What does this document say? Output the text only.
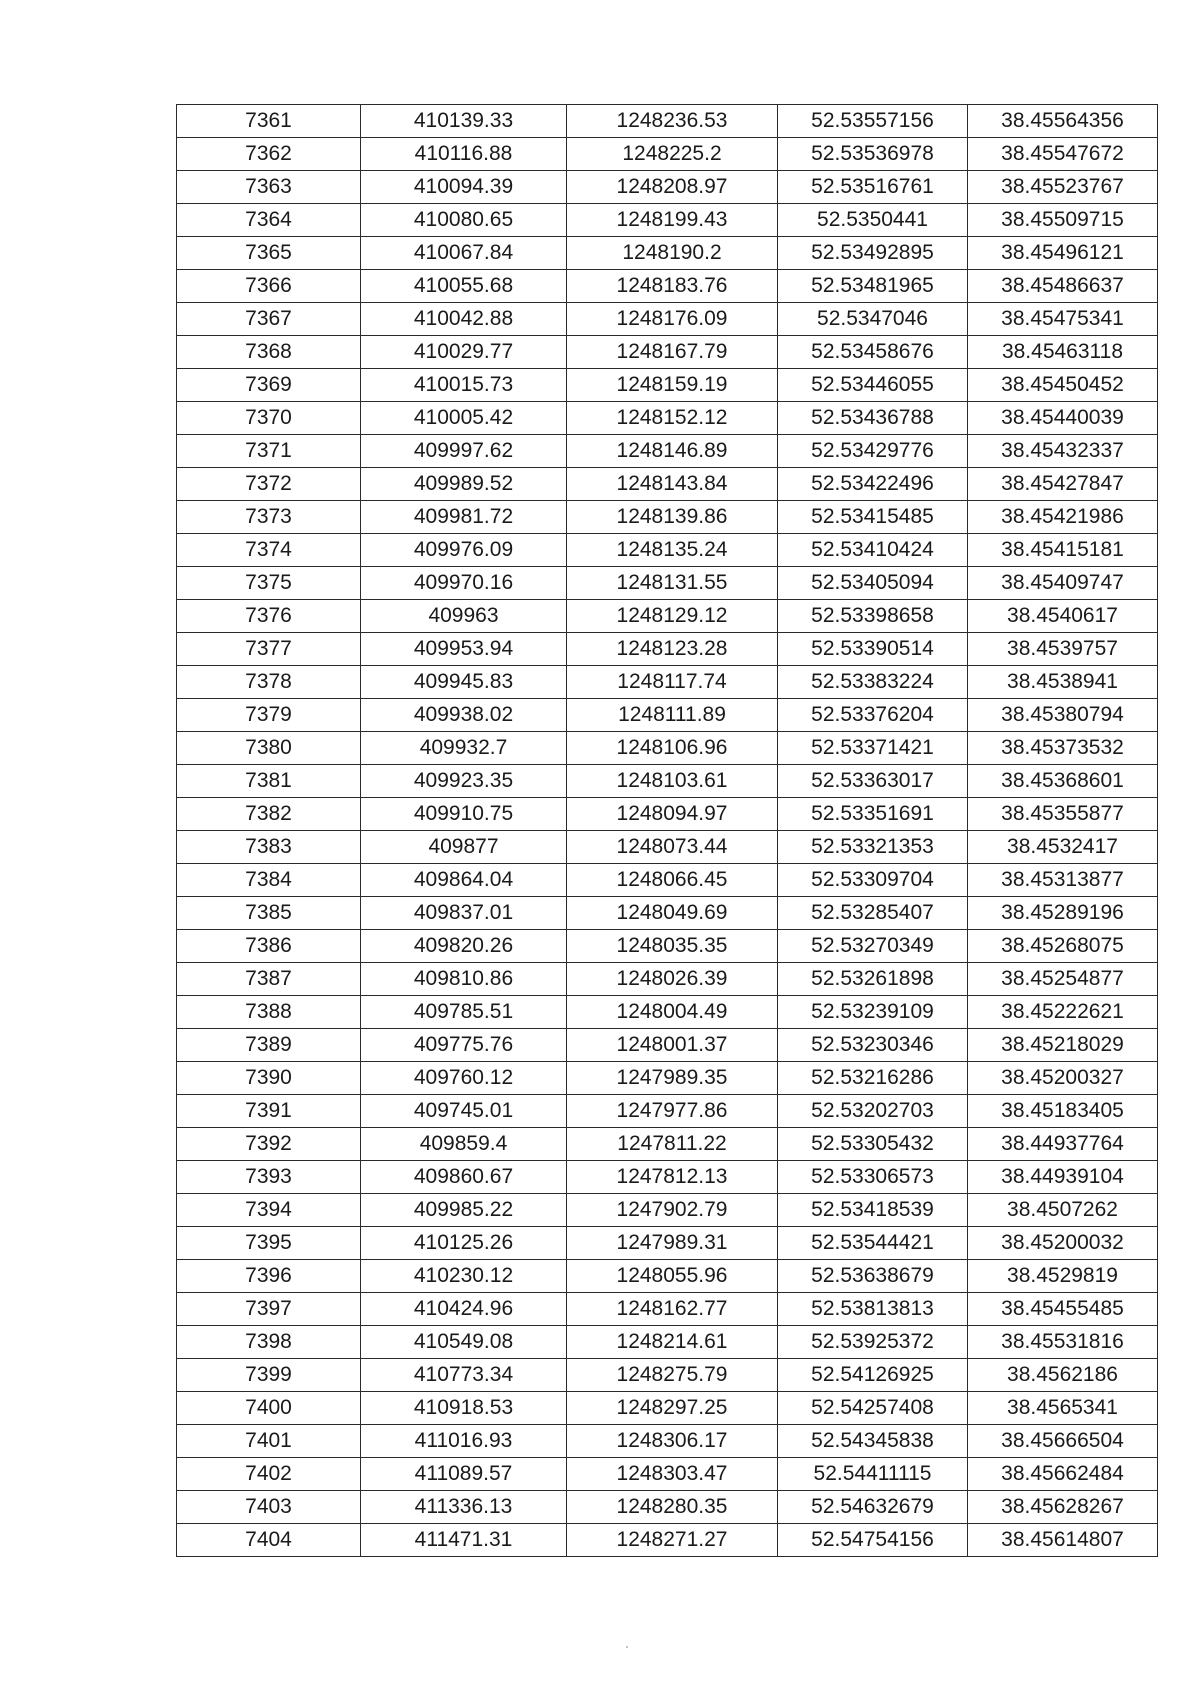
7361	410139.33	1248236.53	52.53557156	38.45564356
7362	410116.88	1248225.2	52.53536978	38.45547672
7363	410094.39	1248208.97	52.53516761	38.45523767
7364	410080.65	1248199.43	52.5350441	38.45509715
7365	410067.84	1248190.2	52.53492895	38.45496121
7366	410055.68	1248183.76	52.53481965	38.45486637
7367	410042.88	1248176.09	52.5347046	38.45475341
7368	410029.77	1248167.79	52.53458676	38.45463118
7369	410015.73	1248159.19	52.53446055	38.45450452
7370	410005.42	1248152.12	52.53436788	38.45440039
7371	409997.62	1248146.89	52.53429776	38.45432337
7372	409989.52	1248143.84	52.53422496	38.45427847
7373	409981.72	1248139.86	52.53415485	38.45421986
7374	409976.09	1248135.24	52.53410424	38.45415181
7375	409970.16	1248131.55	52.53405094	38.45409747
7376	409963	1248129.12	52.53398658	38.4540617
7377	409953.94	1248123.28	52.53390514	38.4539757
7378	409945.83	1248117.74	52.53383224	38.4538941
7379	409938.02	1248111.89	52.53376204	38.45380794
7380	409932.7	1248106.96	52.53371421	38.45373532
7381	409923.35	1248103.61	52.53363017	38.45368601
7382	409910.75	1248094.97	52.53351691	38.45355877
7383	409877	1248073.44	52.53321353	38.4532417
7384	409864.04	1248066.45	52.53309704	38.45313877
7385	409837.01	1248049.69	52.53285407	38.45289196
7386	409820.26	1248035.35	52.53270349	38.45268075
7387	409810.86	1248026.39	52.53261898	38.45254877
7388	409785.51	1248004.49	52.53239109	38.45222621
7389	409775.76	1248001.37	52.53230346	38.45218029
7390	409760.12	1247989.35	52.53216286	38.45200327
7391	409745.01	1247977.86	52.53202703	38.45183405
7392	409859.4	1247811.22	52.53305432	38.44937764
7393	409860.67	1247812.13	52.53306573	38.44939104
7394	409985.22	1247902.79	52.53418539	38.4507262
7395	410125.26	1247989.31	52.53544421	38.45200032
7396	410230.12	1248055.96	52.53638679	38.4529819
7397	410424.96	1248162.77	52.53813813	38.45455485
7398	410549.08	1248214.61	52.53925372	38.45531816
7399	410773.34	1248275.79	52.54126925	38.4562186
7400	410918.53	1248297.25	52.54257408	38.4565341
7401	411016.93	1248306.17	52.54345838	38.45666504
7402	411089.57	1248303.47	52.54411115	38.45662484
7403	411336.13	1248280.35	52.54632679	38.45628267
7404	411471.31	1248271.27	52.54754156	38.45614807
